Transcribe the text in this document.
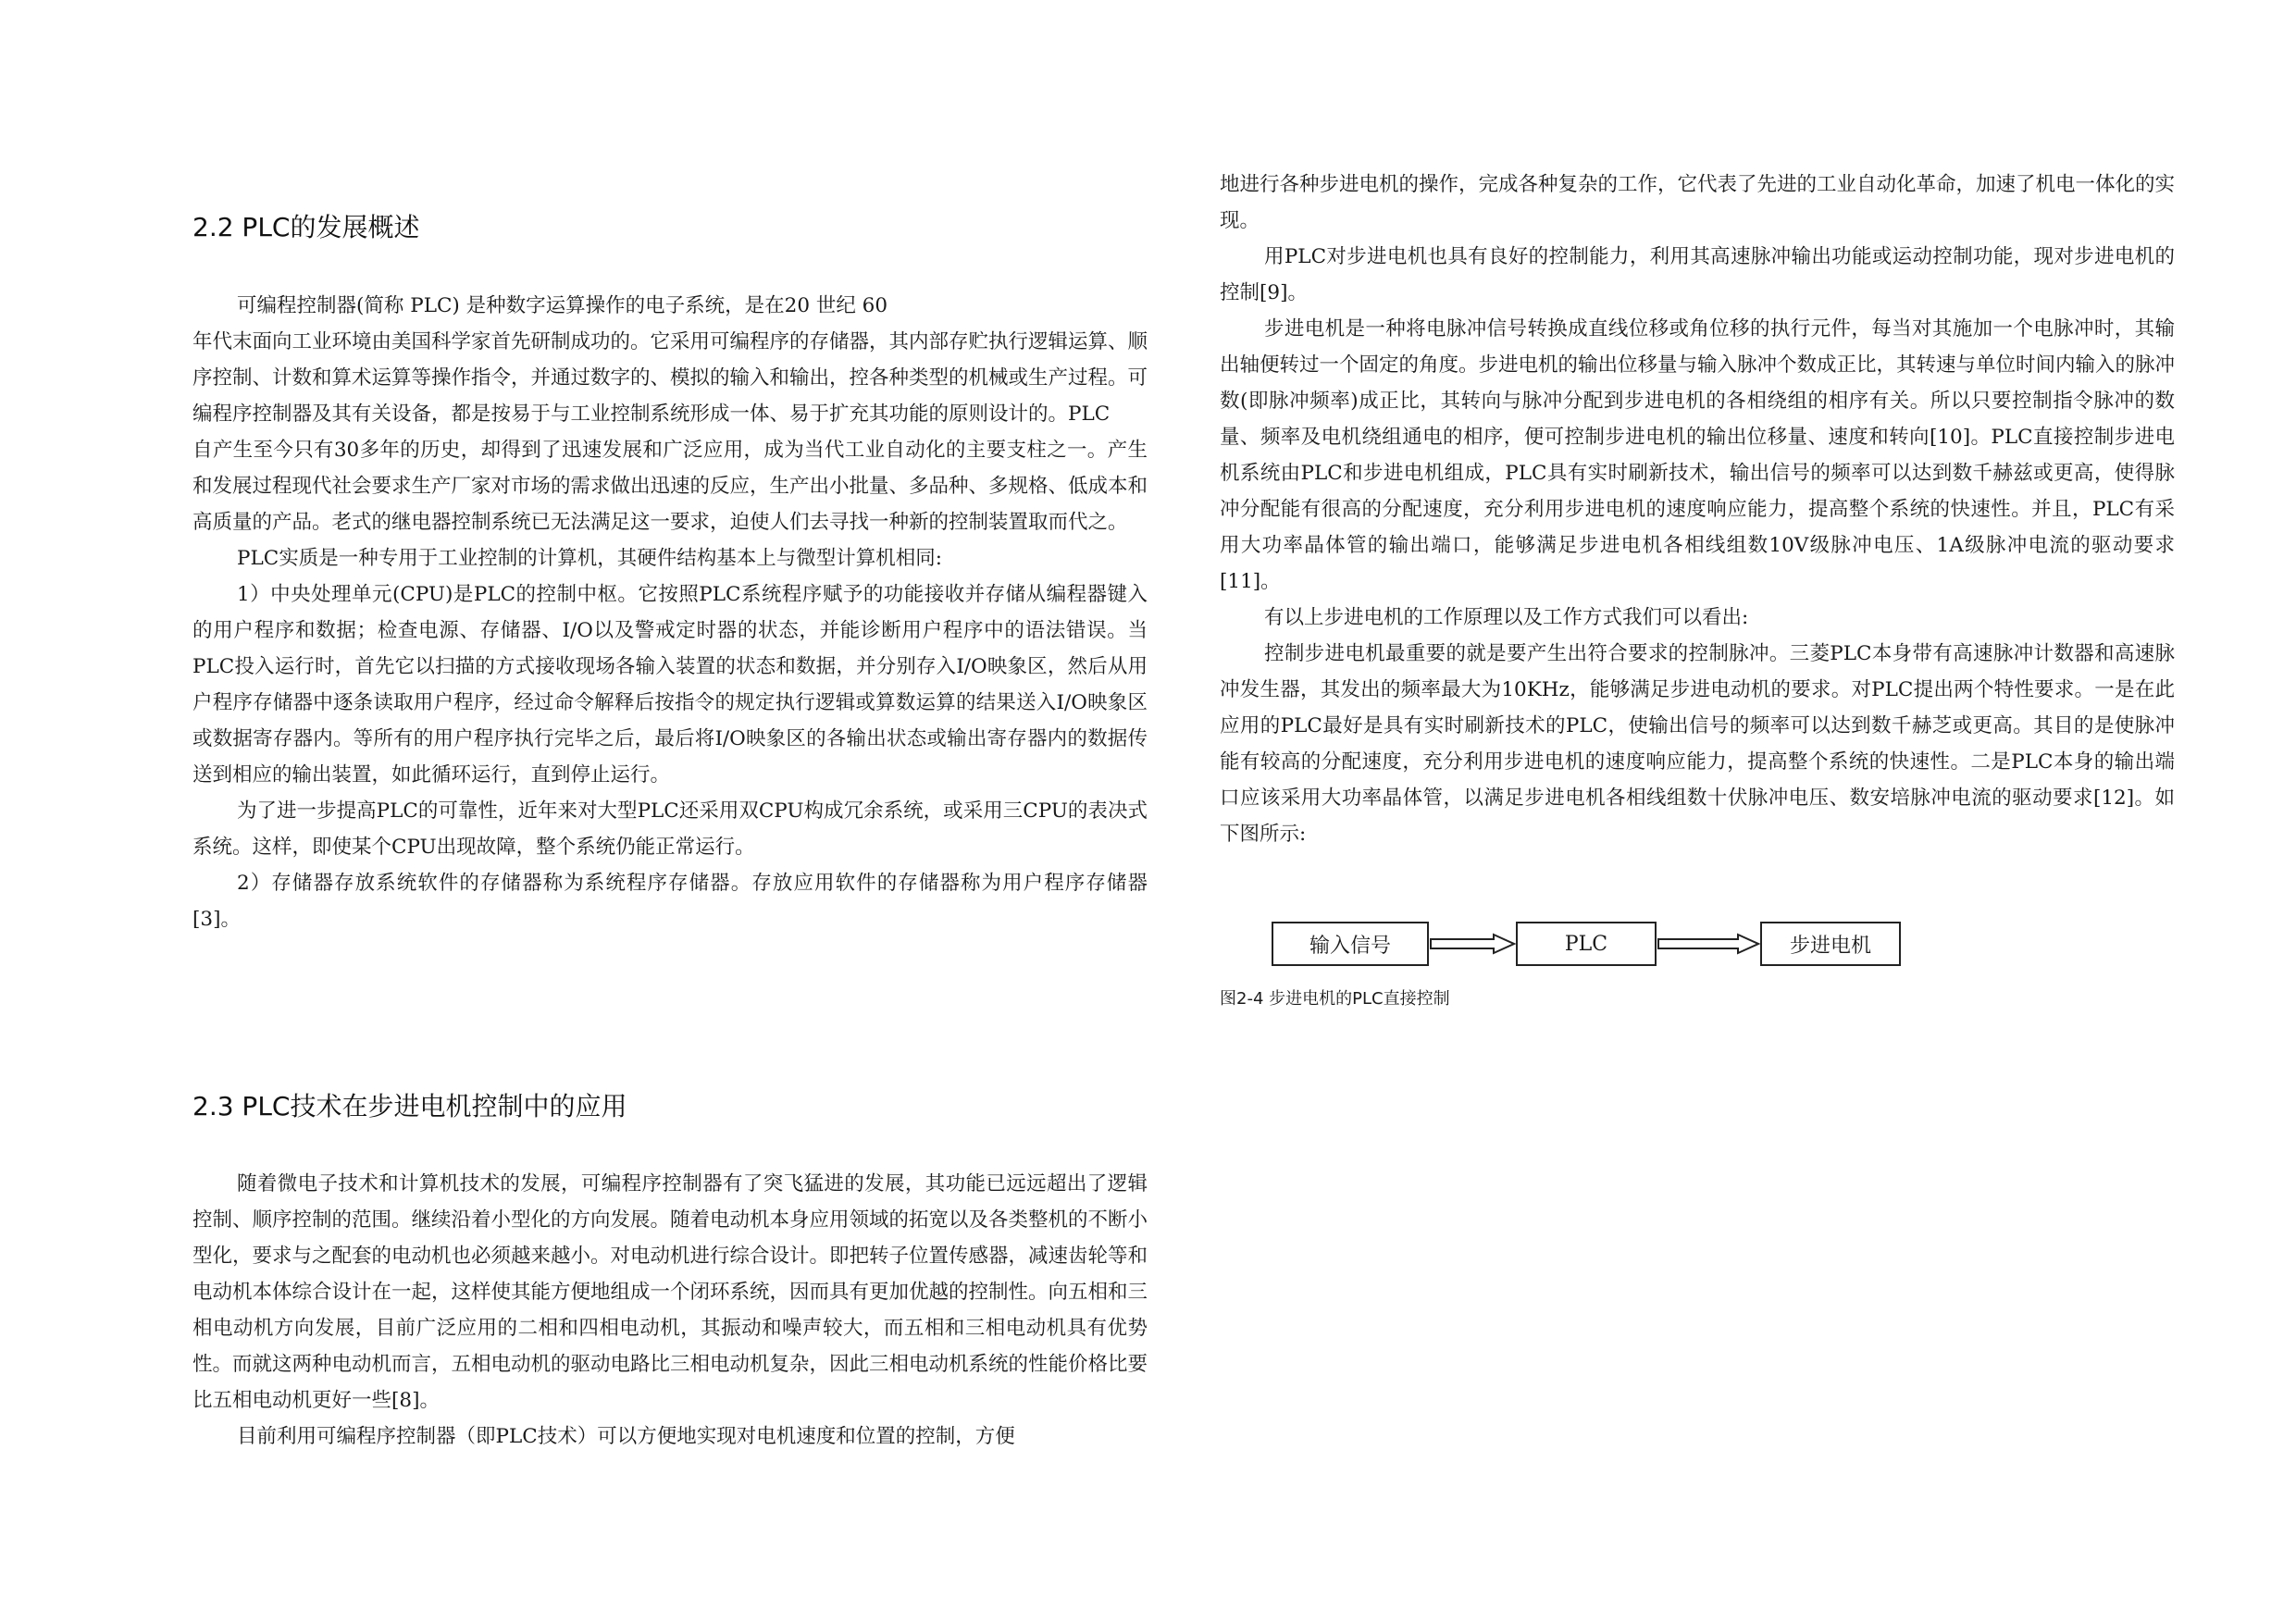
2.2 PLC的发展概述

可编程控制器(简称 PLC) 是种数字运算操作的电子系统，是在20 世纪 60

年代末面向工业环境由美国科学家首先研制成功的。它采用可编程序的存储器，其内部存贮执行逻辑运算、顺序控制、计数和算术运算等操作指令，并通过数字的、模拟的输入和输出，控各种类型的机械或生产过程。可编程序控制器及其有关设备，都是按易于与工业控制系统形成一体、易于扩充其功能的原则设计的。PLC

自产生至今只有30多年的历史，却得到了迅速发展和广泛应用，成为当代工业自动化的主要支柱之一。产生和发展过程现代社会要求生产厂家对市场的需求做出迅速的反应，生产出小批量、多品种、多规格、低成本和高质量的产品。老式的继电器控制系统已无法满足这一要求，迫使人们去寻找一种新的控制装置取而代之。

PLC实质是一种专用于工业控制的计算机，其硬件结构基本上与微型计算机相同:

1）中央处理单元(CPU)是PLC的控制中枢。它按照PLC系统程序赋予的功能接收并存储从编程器键入的用户程序和数据；检查电源、存储器、I/O以及警戒定时器的状态，并能诊断用户程序中的语法错误。当PLC投入运行时，首先它以扫描的方式接收现场各输入装置的状态和数据，并分别存入I/O映象区，然后从用户程序存储器中逐条读取用户程序，经过命令解释后按指令的规定执行逻辑或算数运算的结果送入I/O映象区或数据寄存器内。等所有的用户程序执行完毕之后，最后将I/O映象区的各输出状态或输出寄存器内的数据传送到相应的输出装置，如此循环运行，直到停止运行。

为了进一步提高PLC的可靠性，近年来对大型PLC还采用双CPU构成冗余系统，或采用三CPU的表决式系统。这样，即使某个CPU出现故障，整个系统仍能正常运行。

2）存储器存放系统软件的存储器称为系统程序存储器。存放应用软件的存储器称为用户程序存储器[3]。

2.3 PLC技术在步进电机控制中的应用

随着微电子技术和计算机技术的发展，可编程序控制器有了突飞猛进的发展，其功能已远远超出了逻辑控制、顺序控制的范围。继续沿着小型化的方向发展。随着电动机本身应用领域的拓宽以及各类整机的不断小型化，要求与之配套的电动机也必须越来越小。对电动机进行综合设计。即把转子位置传感器，减速齿轮等和电动机本体综合设计在一起，这样使其能方便地组成一个闭环系统，因而具有更加优越的控制性。向五相和三相电动机方向发展，目前广泛应用的二相和四相电动机，其振动和噪声较大，而五相和三相电动机具有优势性。而就这两种电动机而言，五相电动机的驱动电路比三相电动机复杂，因此三相电动机系统的性能价格比要比五相电动机更好一些[8]。

目前利用可编程序控制器（即PLC技术）可以方便地实现对电机速度和位置的控制，方便

地进行各种步进电机的操作，完成各种复杂的工作，它代表了先进的工业自动化革命，加速了机电一体化的实现。

用PLC对步进电机也具有良好的控制能力，利用其高速脉冲输出功能或运动控制功能，现对步进电机的控制[9]。

步进电机是一种将电脉冲信号转换成直线位移或角位移的执行元件，每当对其施加一个电脉冲时，其输出轴便转过一个固定的角度。步进电机的输出位移量与输入脉冲个数成正比，其转速与单位时间内输入的脉冲数(即脉冲频率)成正比，其转向与脉冲分配到步进电机的各相绕组的相序有关。所以只要控制指令脉冲的数量、频率及电机绕组通电的相序，便可控制步进电机的输出位移量、速度和转向[10]。PLC直接控制步进电机系统由PLC和步进电机组成，PLC具有实时刷新技术，输出信号的频率可以达到数千赫兹或更高，使得脉冲分配能有很高的分配速度，充分利用步进电机的速度响应能力，提高整个系统的快速性。并且，PLC有采用大功率晶体管的输出端口，能够满足步进电机各相线组数10V级脉冲电压、1A级脉冲电流的驱动要求[11]。

有以上步进电机的工作原理以及工作方式我们可以看出:

控制步进电机最重要的就是要产生出符合要求的控制脉冲。三菱PLC本身带有高速脉冲计数器和高速脉冲发生器，其发出的频率最大为10KHz，能够满足步进电动机的要求。对PLC提出两个特性要求。一是在此应用的PLC最好是具有实时刷新技术的PLC，使输出信号的频率可以达到数千赫芝或更高。其目的是使脉冲能有较高的分配速度，充分利用步进电机的速度响应能力，提高整个系统的快速性。二是PLC本身的输出端口应该采用大功率晶体管，以满足步进电机各相线组数十伏脉冲电压、数安培脉冲电流的驱动要求[12]。如下图所示:

输入信号	PLC	步进电机

图2-4 步进电机的PLC直接控制
